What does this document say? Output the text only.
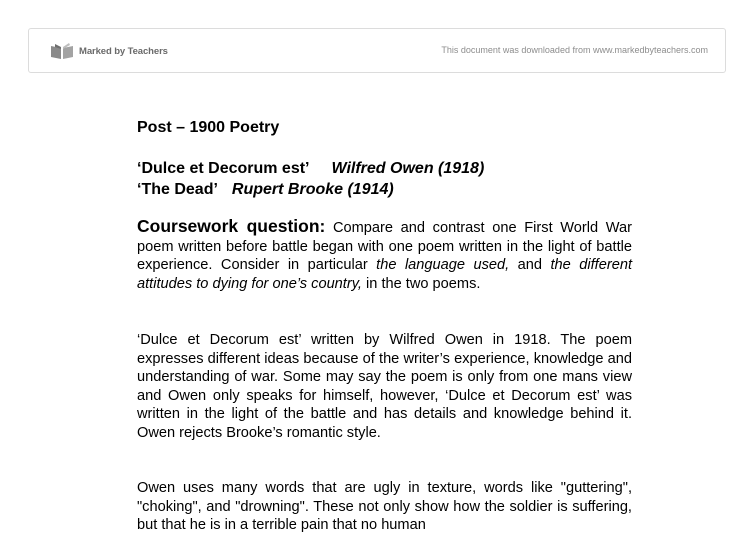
Marked by Teachers	This document was downloaded from www.markedbyteachers.com
Post – 1900 Poetry
‘Dulce et Decorum est’ Wilfred Owen (1918)
‘The Dead’ Rupert Brooke (1914)

Coursework question: Compare and contrast one First World War poem written before battle began with one poem written in the light of battle experience. Consider in particular the language used, and the different attitudes to dying for one’s country, in the two poems.

‘Dulce et Decorum est’ written by Wilfred Owen in 1918. The poem expresses different ideas because of the writer’s experience, knowledge and understanding of war. Some may say the poem is only from one mans view and Owen only speaks for himself, however, ‘Dulce et Decorum est’ was written in the light of the battle and has details and knowledge behind it. Owen rejects Brooke’s romantic style.

Owen uses many words that are ugly in texture, words like "guttering", "choking", and "drowning". These not only show how the soldier is suffering, but that he is in a terrible pain that no human
